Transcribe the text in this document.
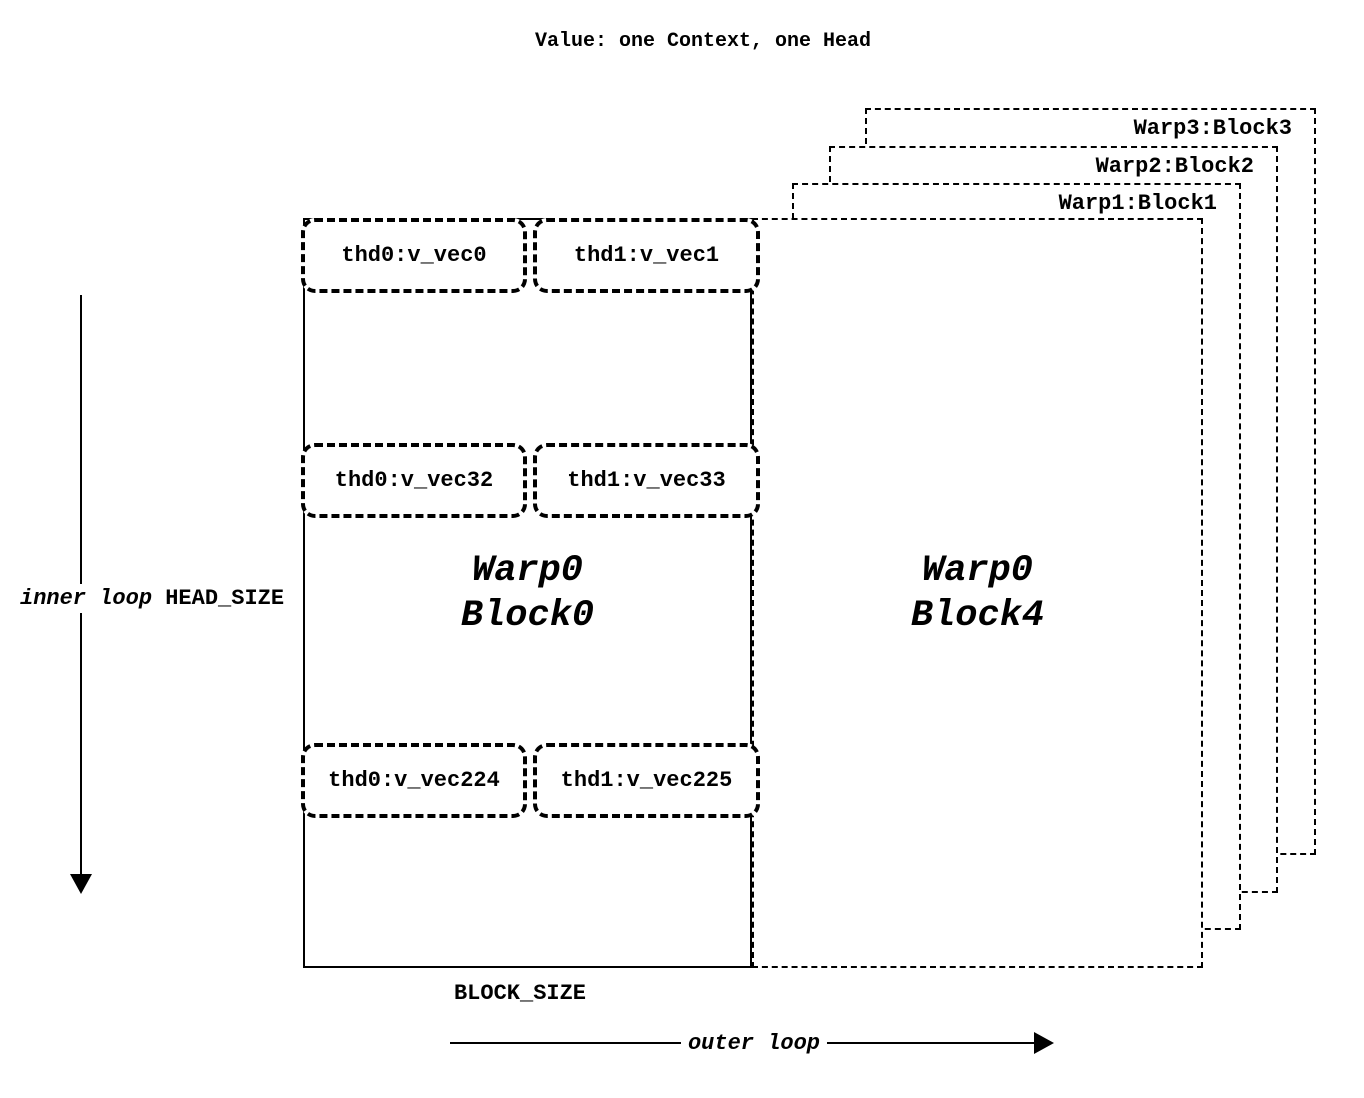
Value: one Context, one Head
Warp3:Block3
Warp2:Block2
Warp1:Block1
Warp0
Block4
Warp0
Block0
thd0:v_vec0	thd1:v_vec1
thd0:v_vec32	thd1:v_vec33
thd0:v_vec224	thd1:v_vec225
inner loop HEAD_SIZE
BLOCK_SIZE
outer loop
